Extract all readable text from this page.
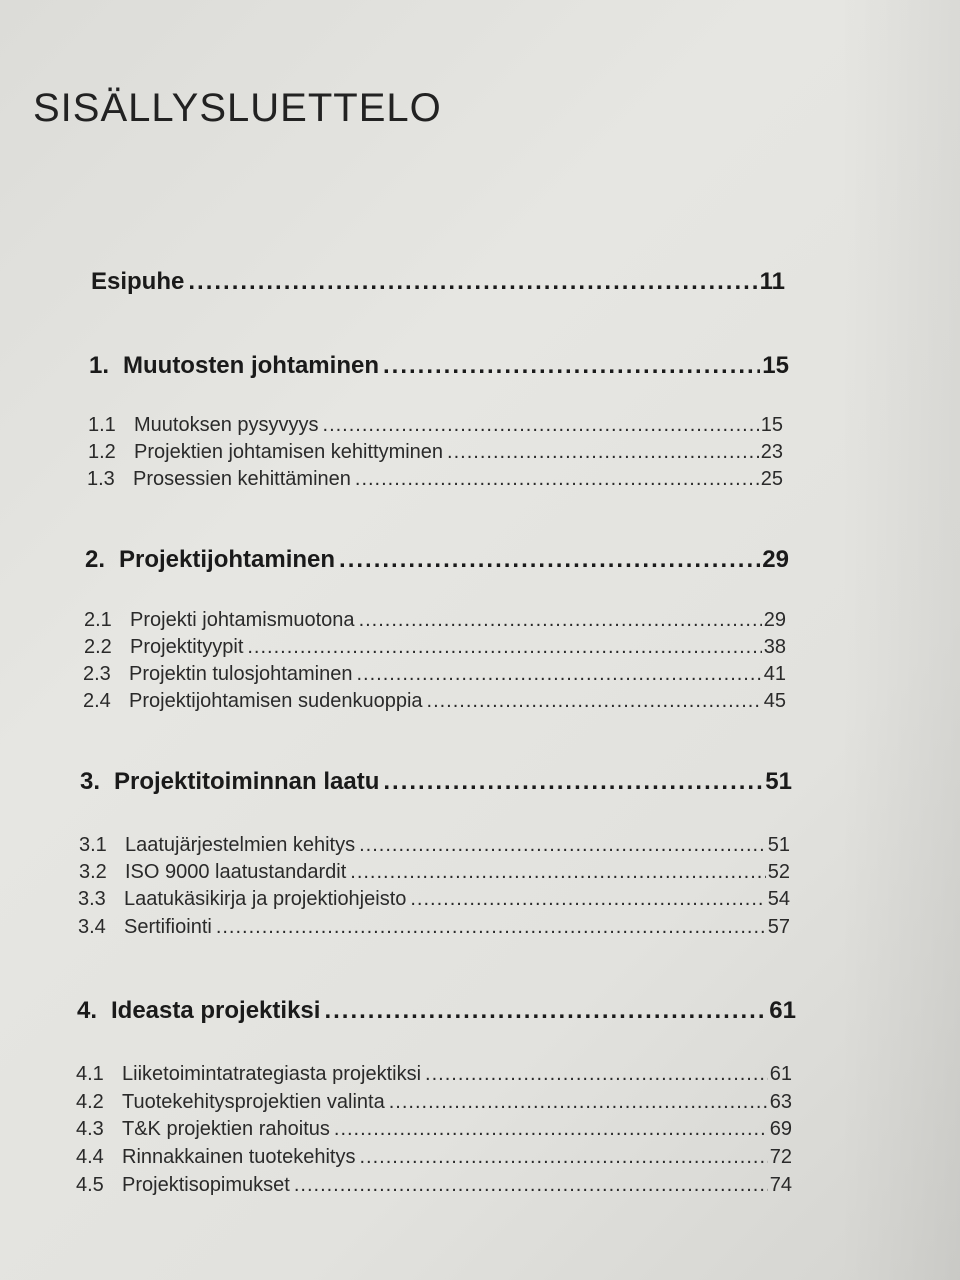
SISÄLLYSLUETTELO
Esipuhe .....	11
1. Muutosten johtaminen .....	15
1.1 Muutoksen pysyvyys .....	15
1.2 Projektien johtamisen kehittyminen .....	23
1.3 Prosessien kehittäminen .....	25
2. Projektijohtaminen .....	29
2.1 Projekti johtamismuotona .....	29
2.2 Projektityypit .....	38
2.3 Projektin tulosjohtaminen .....	41
2.4 Projektijohtamisen sudenkuoppia .....	45
3. Projektitoiminnan laatu .....	51
3.1 Laatujärjestelmien kehitys .....	51
3.2 ISO 9000 laatustandardit .....	52
3.3 Laatukäsikirja ja projektiohjeisto .....	54
3.4 Sertifiointi .....	57
4. Ideasta projektiksi .....	61
4.1 Liiketoimintatrategiasta projektiksi .....	61
4.2 Tuotekehitysprojektien valinta .....	63
4.3 T&K projektien rahoitus .....	69
4.4 Rinnakkainen tuotekehitys .....	72
4.5 Projektisopimukset .....	74
